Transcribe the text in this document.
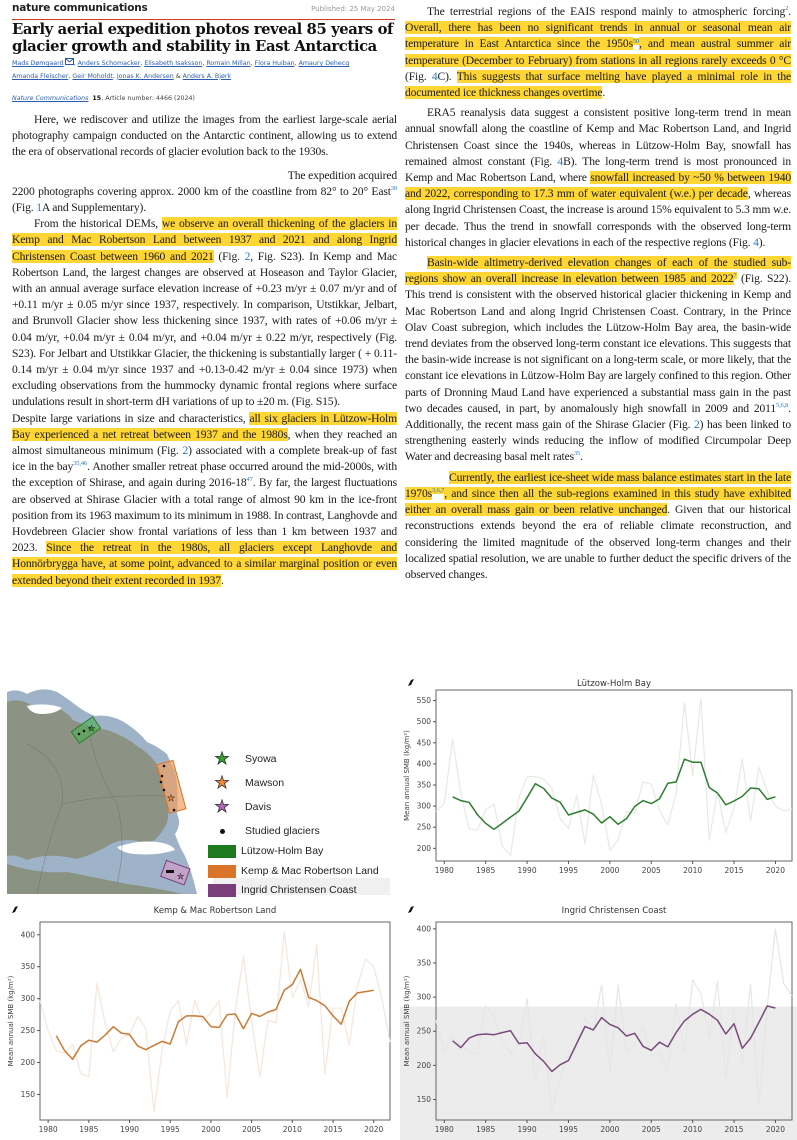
nature communications	Published: 25 May 2024
Early aerial expedition photos reveal 85 years of glacier growth and stability in East Antarctica
Mads Dømgaard , Anders Schomacker, Elisabeth Isaksson, Romain Millan, Flora Huiban, Amaury Dehecq
Amanda Fleischer, Geir Moholdt, Jonas K. Andersen & Anders A. Bjørk
Nature Communications 15, Article number: 4466 (2024)

Here, we rediscover and utilize the images from the earliest large-scale aerial photography campaign conducted on the Antarctic continent, allowing us to extend the era of observational records of glacier evolution back to the 1930s.

The expedition acquired

2200 photographs covering approx. 2000 km of the coastline from 82° to 20° East$^{30}$ (Fig. 1A and Supplementary).

From the historical DEMs, we observe an overall thickening of the glaciers in Kemp and Mac Robertson Land between 1937 and 2021 and along Ingrid Christensen Coast between 1960 and 2021 (Fig. 2, Fig. S23). In Kemp and Mac Robertson Land, the largest changes are observed at Hoseason and Taylor Glacier, with an annual average surface elevation increase of +0.23 m/yr ± 0.07 m/yr and of +0.11 m/yr ± 0.05 m/yr since 1937, respectively. In comparison, Utstikkar, Jelbart, and Brunvoll Glacier show less thickening since 1937, with rates of +0.06 m/yr ± 0.04 m/yr, +0.04 m/yr ± 0.04 m/yr, and +0.04 m/yr ± 0.22 m/yr, respectively (Fig. S23). For Jelbart and Utstikkar Glacier, the thickening is substantially larger ( + 0.11-0.14 m/yr ± 0.04 m/yr since 1937 and +0.13-0.42 m/yr ± 0.04 since 1973) when excluding observations from the hummocky dynamic frontal regions where surface undulations result in short-term dH variations of up to ±20 m. (Fig. S15).

Despite large variations in size and characteristics, all six glaciers in Lützow-Holm Bay experienced a net retreat between 1937 and the 1980s, when they reached an almost simultaneous minimum (Fig. 2) associated with a complete break-up of fast ice in the bay$^{35,46}$. Another smaller retreat phase occurred around the mid-2000s, with the exception of Shirase, and again during $2016-18^{47}$. By far, the largest fluctuations are observed at Shirase Glacier with a total range of almost 90 km in the ice-front position from its 1963 maximum to its minimum in 1988. In contrast, Langhovde and Hovdebreen Glacier show frontal variations of less than 1 km between 1937 and 2023. Since the retreat in the 1980s, all glaciers except Langhovde and Honnörbrygga have, at some point, advanced to a similar marginal position or even extended beyond their extent recorded in 1937.

The terrestrial regions of the EAIS respond mainly to atmospheric forcing$^2$. Overall, there has been no significant trends in annual or seasonal mean air temperature in East Antarctica since the $1950s^{50}$, and mean austral summer air temperature (December to February) from stations in all regions rarely exceeds 0 °C (Fig. 4C). This suggests that surface melting have played a minimal role in the documented ice thickness changes overtime.

ERA5 reanalysis data suggest a consistent positive long-term trend in mean annual snowfall along the coastline of Kemp and Mac Robertson Land, and Ingrid Christensen Coast since the 1940s, whereas in Lützow-Holm Bay, snowfall has remained almost constant (Fig. 4B). The long-term trend is most pronounced in Kemp and Mac Robertson Land, where snowfall increased by ~50 % between 1940 and 2022, corresponding to 17.3 mm of water equivalent (w.e.) per decade, whereas along Ingrid Christensen Coast, the increase is around 15% equivalent to 5.3 mm w.e. per decade. Thus the trend in snowfall corresponds with the observed long-term historical changes in glacier elevations in each of the respective regions (Fig. 4).

Basin-wide altimetry-derived elevation changes of each of the studied sub-regions show an overall increase in elevation between 1985 and 2022$^7$ (Fig. S22). This trend is consistent with the observed historical glacier thickening in Kemp and Mac Robertson Land and along Ingrid Christensen Coast. Contrary, in the Prince Olav Coast subregion, which includes the Lützow-Holm Bay area, the basin-wide trend deviates from the observed long-term constant ice elevations. This suggests that the basin-wide increase is not significant on a long-term scale, or more likely, that the constant ice elevations in Lützow-Holm Bay are largely confined to this region. Other parts of Dronning Maud Land have experienced a substantial mass gain in the past two decades caused, in part, by anomalously high snowfall in 2009 and 2011$^{5,6,8}$. Additionally, the recent mass gain of the Shirase Glacier (Fig. 2) has been linked to strengthening easterly winds reducing the inflow of modified Circumpolar Deep Water and decreasing basal melt rates$^{35}$.

Currently, the earliest ice-sheet wide mass balance estimates start in the late $1970s^{3,6,7}$, and since then all the sub-regions examined in this study have exhibited either an overall mass gain or been relative unchanged. Given that our historical reconstructions extends beyond the era of reliable climate reconstruction, and considering the limited magnitude of the observed long-term changes and their localized spatial resolution, we are unable to further deduct the specific drivers of the observed changes.

★
★
★
★ Syowa
★ Mawson
★ Davis
Studied glaciers
Lützow-Holm Bay
Kemp & Mac Robertson Land
Ingrid Christensen Coast
Lützow-Holm Bay
200
250
300
350
400
450
500
550
1980	1985	1990	1995	2000	2005	2010	2015	2020
Mean annual SMB (kg/m²)
Kemp & Mac Robertson Land
150
200
250
300
350
400
1980	1985	1990	1995	2000	2005	2010	2015	2020
Mean annual SMB (kg/m²)
Ingrid Christensen Coast
150
200
250
300
350
400
1980	1985	1990	1995	2000	2005	2010	2015	2020
Mean annual SMB (kg/m²)
